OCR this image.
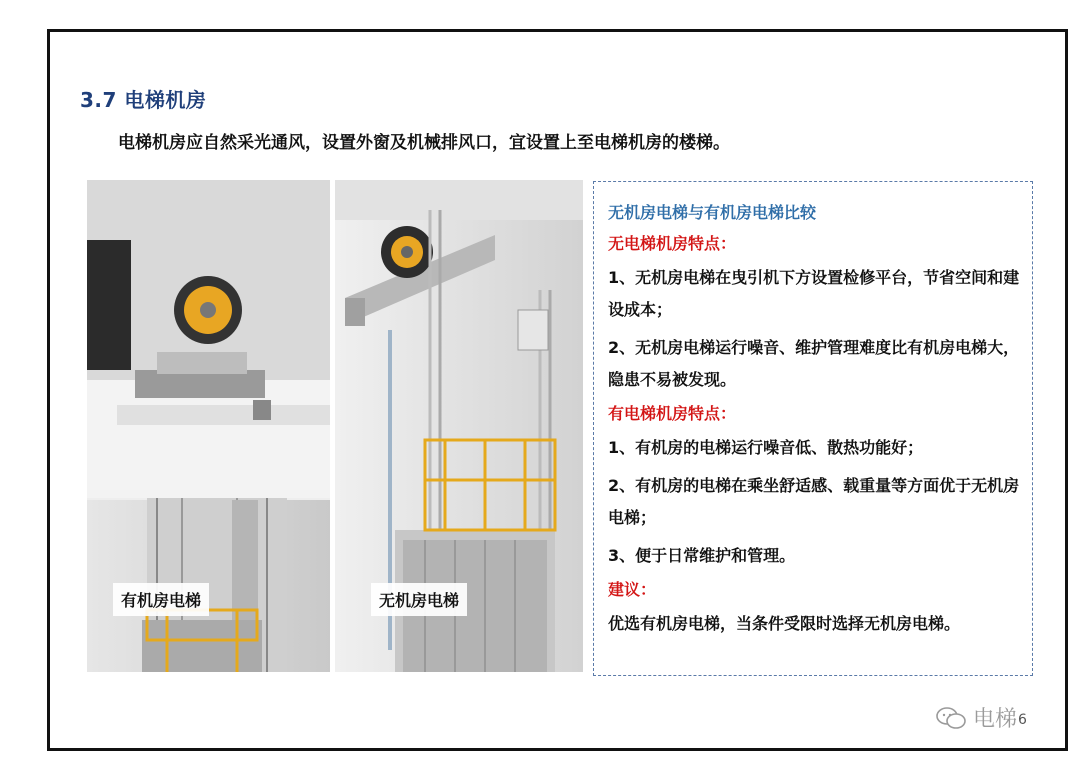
3.7 电梯机房
电梯机房应自然采光通风，设置外窗及机械排风口，宜设置上至电梯机房的楼梯。
有机房电梯	无机房电梯
无机房电梯与有机房电梯比较
无电梯机房特点：
1、无机房电梯在曳引机下方设置检修平台，节省空间和建设成本；
2、无机房电梯运行噪音、维护管理难度比有机房电梯大，隐患不易被发现。
有电梯机房特点：
1、有机房的电梯运行噪音低、散热功能好；
2、有机房的电梯在乘坐舒适感、载重量等方面优于无机房电梯；
3、便于日常维护和管理。
建议：
优选有机房电梯，当条件受限时选择无机房电梯。
电梯 6
